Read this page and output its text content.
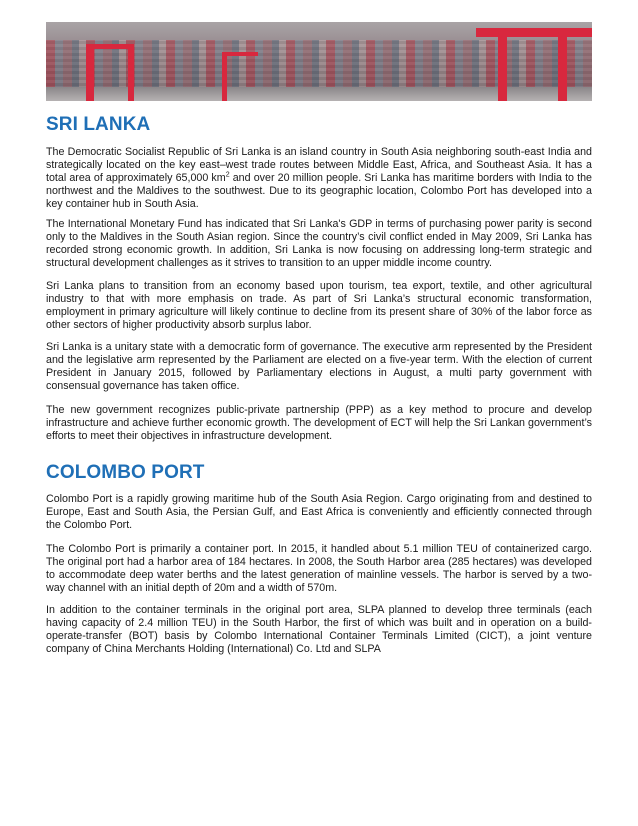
SRI LANKA

The Democratic Socialist Republic of Sri Lanka is an island country in South Asia neighboring south-east India and strategically located on the key east–west trade routes between Middle East, Africa, and Southeast Asia. It has a total area of approximately 65,000 $km^2$ and over 20 million people. Sri Lanka has maritime borders with India to the northwest and the Maldives to the southwest. Due to its geographic location, Colombo Port has developed into a key container hub in South Asia.

The International Monetary Fund has indicated that Sri Lanka's GDP in terms of purchasing power parity is second only to the Maldives in the South Asian region. Since the country’s civil conflict ended in May 2009, Sri Lanka has recorded strong economic growth. In addition, Sri Lanka is now focusing on addressing long-term strategic and structural development challenges as it strives to transition to an upper middle income country.

Sri Lanka plans to transition from an economy based upon tourism, tea export, textile, and other agricultural industry to that with more emphasis on trade. As part of Sri Lanka’s structural economic transformation, employment in primary agriculture will likely continue to decline from its present share of 30% of the labor force as other sectors of higher productivity absorb surplus labor.

Sri Lanka is a unitary state with a democratic form of governance. The executive arm represented by the President and the legislative arm represented by the Parliament are elected on a five-year term. With the election of current President in January 2015, followed by Parliamentary elections in August, a multi party government with consensual governance has taken office.

The new government recognizes public-private partnership (PPP) as a key method to procure and develop infrastructure and achieve further economic growth. The development of ECT will help the Sri Lankan government’s efforts to meet their objectives in infrastructure development.

COLOMBO PORT

Colombo Port is a rapidly growing maritime hub of the South Asia Region. Cargo originating from and destined to Europe, East and South Asia, the Persian Gulf, and East Africa is conveniently and efficiently connected through the Colombo Port.

The Colombo Port is primarily a container port. In 2015, it handled about 5.1 million TEU of containerized cargo. The original port had a harbor area of 184 hectares. In 2008, the South Harbor area (285 hectares) was developed to accommodate deep water berths and the latest generation of mainline vessels. The harbor is served by a two-way channel with an initial depth of 20m and a width of 570m.

In addition to the container terminals in the original port area, SLPA planned to develop three terminals (each having capacity of 2.4 million TEU) in the South Harbor, the first of which was built and in operation on a build-operate-transfer (BOT) basis by Colombo International Container Terminals Limited (CICT), a joint venture company of China Merchants Holding (International) Co. Ltd and SLPA
